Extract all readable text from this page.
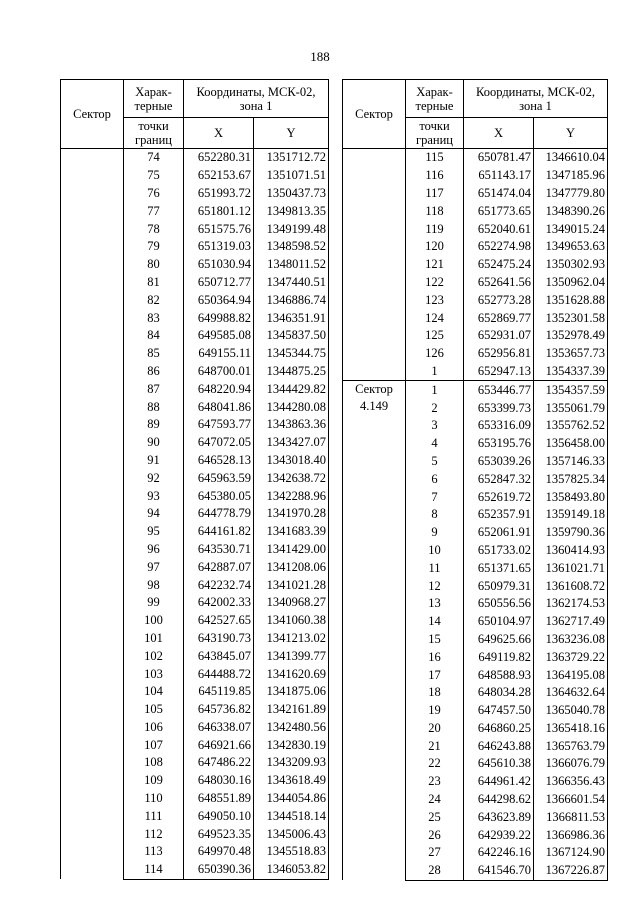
188
Сектор	Харак-терные	Координаты, МСК-02, зона 1	

	точки границ	X	Y
	74	652280.31	1351712.72
	75	652153.67	1351071.51
	76	651993.72	1350437.73
	77	651801.12	1349813.35
	78	651575.76	1349199.48
	79	651319.03	1348598.52
	80	651030.94	1348011.52
	81	650712.77	1347440.51
	82	650364.94	1346886.74
	83	649988.82	1346351.91
	84	649585.08	1345837.50
	85	649155.11	1345344.75
	86	648700.01	1344875.25
	87	648220.94	1344429.82
	88	648041.86	1344280.08
	89	647593.77	1343863.36
	90	647072.05	1343427.07
	91	646528.13	1343018.40
	92	645963.59	1342638.72
	93	645380.05	1342288.96
	94	644778.79	1341970.28
	95	644161.82	1341683.39
	96	643530.71	1341429.00
	97	642887.07	1341208.06
	98	642232.74	1341021.28
	99	642002.33	1340968.27
	100	642527.65	1341060.38
	101	643190.73	1341213.02
	102	643845.07	1341399.77
	103	644488.72	1341620.69
	104	645119.85	1341875.06
	105	645736.82	1342161.89
	106	646338.07	1342480.56
	107	646921.66	1342830.19
	108	647486.22	1343209.93
	109	648030.16	1343618.49
	110	648551.89	1344054.86
	111	649050.10	1344518.14
	112	649523.35	1345006.43
	113	649970.48	1345518.83
	114	650390.36	1346053.82
Сектор	Харак-терные	Координаты, МСК-02, зона 1	

	точки границ	X	Y
	115	650781.47	1346610.04
	116	651143.17	1347185.96
	117	651474.04	1347779.80
	118	651773.65	1348390.26
	119	652040.61	1349015.24
	120	652274.98	1349653.63
	121	652475.24	1350302.93
	122	652641.56	1350962.04
	123	652773.28	1351628.88
	124	652869.77	1352301.58
	125	652931.07	1352978.49
	126	652956.81	1353657.73
	1	652947.13	1354337.39

Сектор
4.149	1	653446.77	1354357.59
	2	653399.73	1355061.79
	3	653316.09	1355762.52
	4	653195.76	1356458.00
	5	653039.26	1357146.33
	6	652847.32	1357825.34
	7	652619.72	1358493.80
	8	652357.91	1359149.18
	9	652061.91	1359790.36
	10	651733.02	1360414.93
	11	651371.65	1361021.71
	12	650979.31	1361608.72
	13	650556.56	1362174.53
	14	650104.97	1362717.49
	15	649625.66	1363236.08
	16	649119.82	1363729.22
	17	648588.93	1364195.08
	18	648034.28	1364632.64
	19	647457.50	1365040.78
	20	646860.25	1365418.16
	21	646243.88	1365763.79
	22	645610.38	1366076.79
	23	644961.42	1366356.43
	24	644298.62	1366601.54
	25	643623.89	1366811.53
	26	642939.22	1366986.36
	27	642246.16	1367124.90
	28	641546.70	1367226.87
